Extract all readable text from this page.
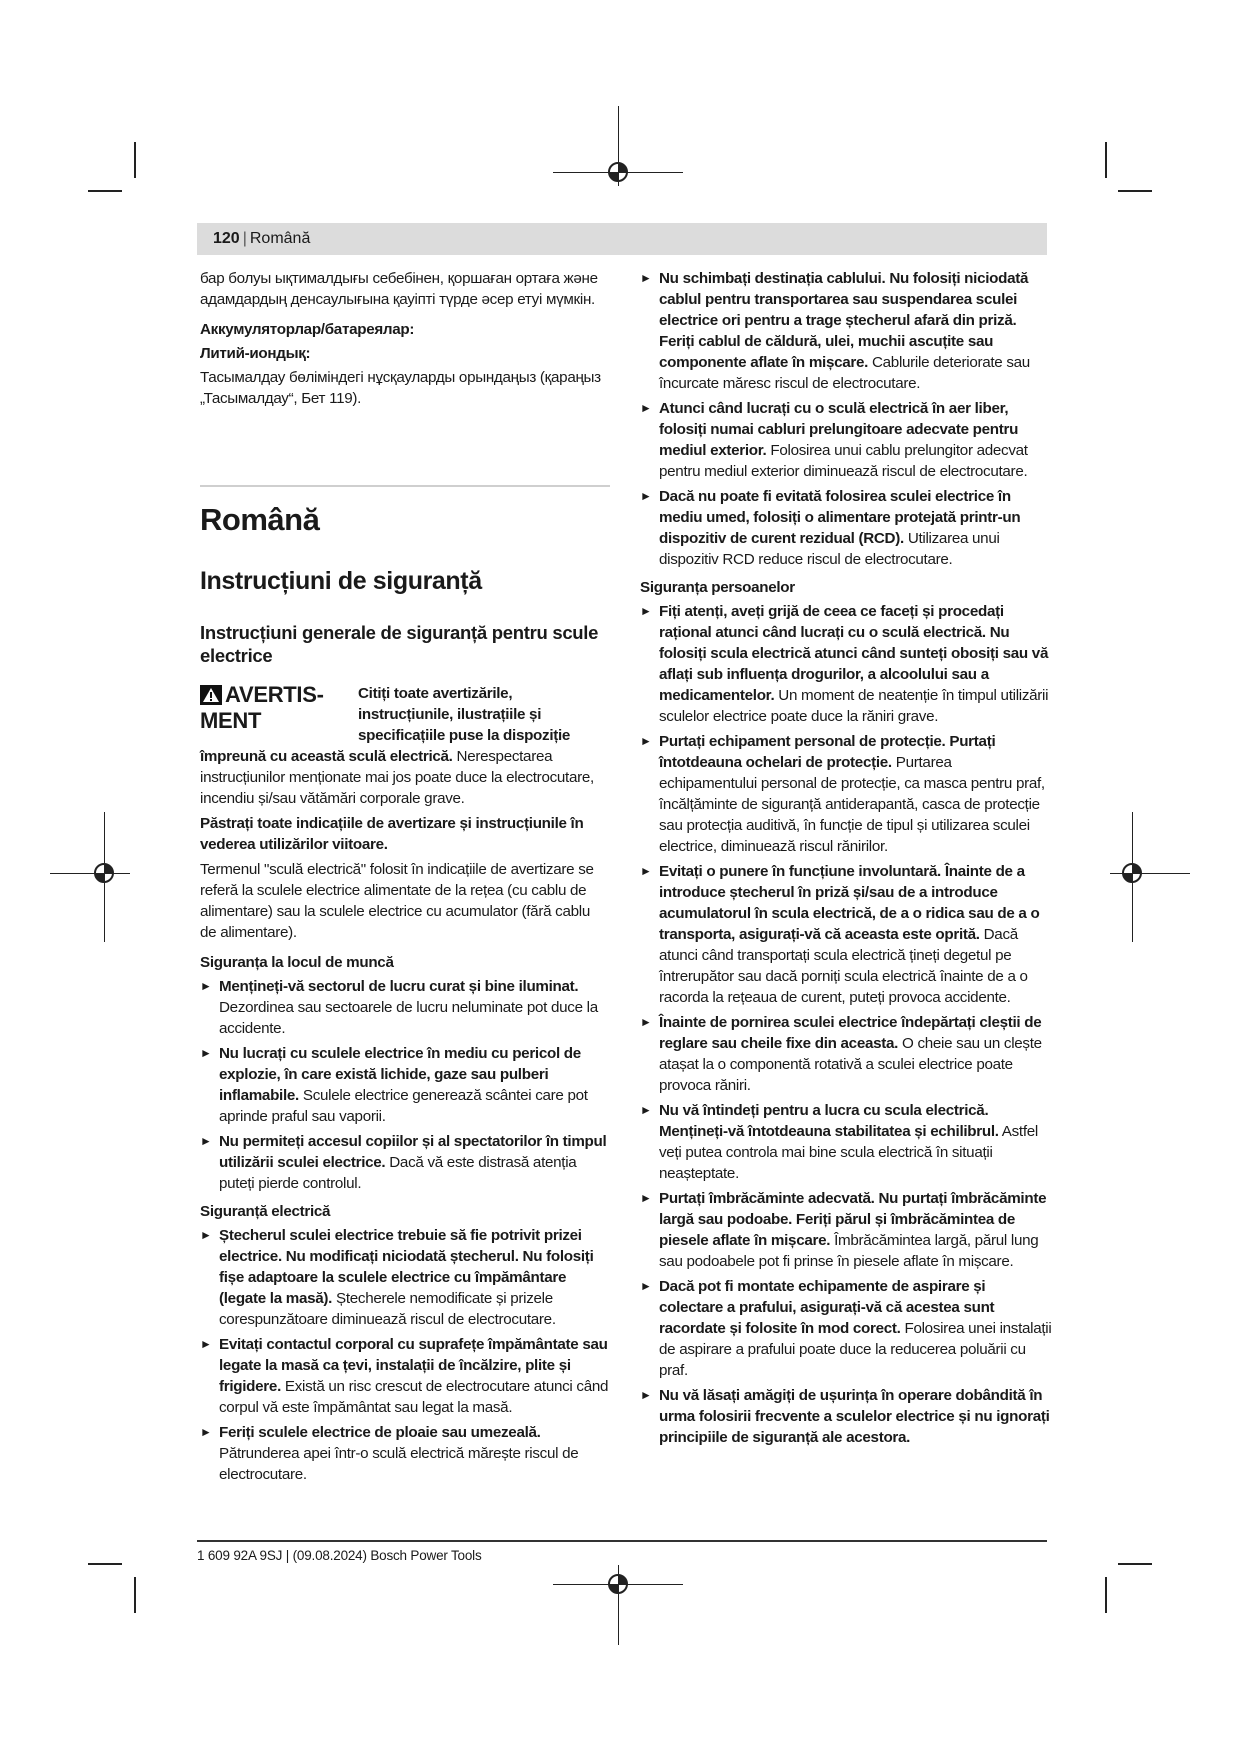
120 | Română

бар болуы ықтималдығы себебінен, қоршаған ортаға және адамдардың денсаулығына қауіпті түрде әсер етуі мүмкін.

Аккумуляторлар/батареялар:

Литий-иондық:

Тасымалдау бөліміндегі нұсқауларды орындаңыз (қараңыз „Тасымалдау“, Бет 119).

Română
Instrucțiuni de siguranță
Instrucțiuni generale de siguranță pentru scule electrice
AVERTIS-MENT
Citiți toate avertizările, instrucțiunile, ilustrațiile și specificațiile puse la dispoziție

împreună cu această sculă electrică. Nerespectarea instrucțiunilor menționate mai jos poate duce la electrocutare, incendiu și/sau vătămări corporale grave.

Păstrați toate indicațiile de avertizare și instrucțiunile în vederea utilizărilor viitoare.

Termenul "sculă electrică" folosit în indicațiile de avertizare se referă la sculele electrice alimentate de la rețea (cu cablu de alimentare) sau la sculele electrice cu acumulator (fără cablu de alimentare).

Siguranța la locul de muncă

► Mențineți-vă sectorul de lucru curat și bine iluminat. Dezordinea sau sectoarele de lucru neluminate pot duce la accidente.

► Nu lucrați cu sculele electrice în mediu cu pericol de explozie, în care există lichide, gaze sau pulberi inflamabile. Sculele electrice generează scântei care pot aprinde praful sau vaporii.

► Nu permiteți accesul copiilor și al spectatorilor în timpul utilizării sculei electrice. Dacă vă este distrasă atenția puteți pierde controlul.

Siguranță electrică

► Ștecherul sculei electrice trebuie să fie potrivit prizei electrice. Nu modificați niciodată ștecherul. Nu folosiți fișe adaptoare la sculele electrice cu împământare (legate la masă). Ștecherele nemodificate și prizele corespunzătoare diminuează riscul de electrocutare.

► Evitați contactul corporal cu suprafețe împământate sau legate la masă ca țevi, instalații de încălzire, plite și frigidere. Există un risc crescut de electrocutare atunci când corpul vă este împământat sau legat la masă.

► Feriți sculele electrice de ploaie sau umezeală. Pătrunderea apei într-o sculă electrică mărește riscul de electrocutare.

► Nu schimbați destinația cablului. Nu folosiți niciodată cablul pentru transportarea sau suspendarea sculei electrice ori pentru a trage ștecherul afară din priză. Feriți cablul de căldură, ulei, muchii ascuțite sau componente aflate în mișcare. Cablurile deteriorate sau încurcate măresc riscul de electrocutare.

► Atunci când lucrați cu o sculă electrică în aer liber, folosiți numai cabluri prelungitoare adecvate pentru mediul exterior. Folosirea unui cablu prelungitor adecvat pentru mediul exterior diminuează riscul de electrocutare.

► Dacă nu poate fi evitată folosirea sculei electrice în mediu umed, folosiți o alimentare protejată printr-un dispozitiv de curent rezidual (RCD). Utilizarea unui dispozitiv RCD reduce riscul de electrocutare.

Siguranța persoanelor

► Fiți atenți, aveți grijă de ceea ce faceți și procedați rațional atunci când lucrați cu o sculă electrică. Nu folosiți scula electrică atunci când sunteți obosiți sau vă aflați sub influența drogurilor, a alcoolului sau a medicamentelor. Un moment de neatenție în timpul utilizării sculelor electrice poate duce la răniri grave.

► Purtați echipament personal de protecție. Purtați întotdeauna ochelari de protecție. Purtarea echipamentului personal de protecție, ca masca pentru praf, încălțăminte de siguranță antiderapantă, casca de protecție sau protecția auditivă, în funcție de tipul și utilizarea sculei electrice, diminuează riscul rănirilor.

► Evitați o punere în funcțiune involuntară. Înainte de a introduce ștecherul în priză și/sau de a introduce acumulatorul în scula electrică, de a o ridica sau de a o transporta, asigurați-vă că aceasta este oprită. Dacă atunci când transportați scula electrică țineți degetul pe întrerupător sau dacă porniți scula electrică înainte de a o racorda la rețeaua de curent, puteți provoca accidente.

► Înainte de pornirea sculei electrice îndepărtați cleștii de reglare sau cheile fixe din aceasta. O cheie sau un clește atașat la o componentă rotativă a sculei electrice poate provoca răniri.

► Nu vă întindeți pentru a lucra cu scula electrică. Mențineți-vă întotdeauna stabilitatea și echilibrul. Astfel veți putea controla mai bine scula electrică în situații neașteptate.

► Purtați îmbrăcăminte adecvată. Nu purtați îmbrăcăminte largă sau podoabe. Feriți părul și îmbrăcămintea de piesele aflate în mișcare. Îmbrăcămintea largă, părul lung sau podoabele pot fi prinse în piesele aflate în mișcare.

► Dacă pot fi montate echipamente de aspirare și colectare a prafului, asigurați-vă că acestea sunt racordate și folosite în mod corect. Folosirea unei instalații de aspirare a prafului poate duce la reducerea poluării cu praf.

► Nu vă lăsați amăgiți de ușurința în operare dobândită în urma folosirii frecvente a sculelor electrice și nu ignorați principiile de siguranță ale acestora.

1 609 92A 9SJ | (09.08.2024) Bosch Power Tools
